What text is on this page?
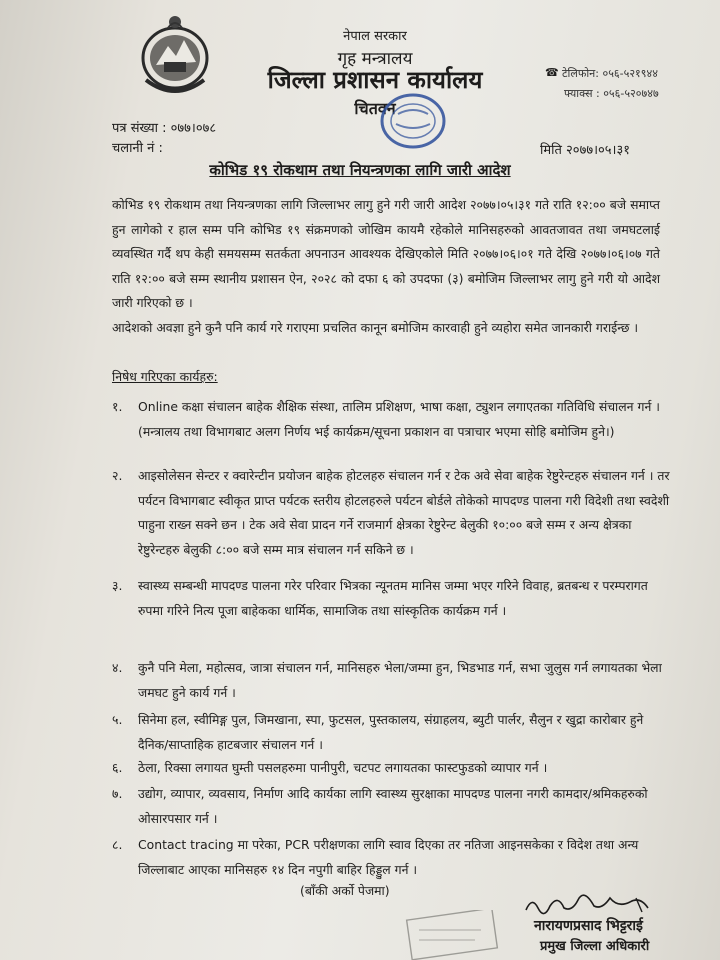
नेपाल सरकार
गृह मन्त्रालय
जिल्ला प्रशासन कार्यालय
चितवन
☎ टेलिफोन: ०५६-५२१९४४
फ्याक्स : ०५६-५२०७४७
पत्र संख्या : ०७७।०७८
चलानी नं :	मिति २०७७।०५।३१
कोभिड १९ रोकथाम तथा नियन्त्रणका लागि जारी आदेश
कोभिड १९ रोकथाम तथा नियन्त्रणका लागि जिल्लाभर लागु हुने गरी जारी आदेश २०७७।०५।३१ गते राति १२:०० बजे समाप्त हुन लागेको र हाल सम्म पनि कोभिड १९ संक्रमणको जोखिम कायमै रहेकोले मानिसहरुको आवतजावत तथा जमघटलाई व्यवस्थित गर्दै थप केही समयसम्म सतर्कता अपनाउन आवश्यक देखिएकोले मिति २०७७।०६।०१ गते देखि २०७७।०६।०७ गते राति १२:०० बजे सम्म स्थानीय प्रशासन ऐन, २०२८ को दफा ६ को उपदफा (३) बमोजिम जिल्लाभर लागु हुने गरी यो आदेश जारी गरिएको छ ।
आदेशको अवज्ञा हुने कुनै पनि कार्य गरे गराएमा प्रचलित कानून बमोजिम कारवाही हुने व्यहोरा समेत जानकारी गराईन्छ ।
निषेध गरिएका कार्यहरु:
१.	Online कक्षा संचालन बाहेक शैक्षिक संस्था, तालिम प्रशिक्षण, भाषा कक्षा, ट्युशन लगाएतका गतिविधि संचालन गर्न । (मन्त्रालय तथा विभागबाट अलग निर्णय भई कार्यक्रम/सूचना प्रकाशन वा पत्राचार भएमा सोहि बमोजिम हुने।)
२.	आइसोलेसन सेन्टर र क्वारेन्टीन प्रयोजन बाहेक होटलहरु संचालन गर्न र टेक अवे सेवा बाहेक रेष्टुरेन्टहरु संचालन गर्न । तर पर्यटन विभागबाट स्वीकृत प्राप्त पर्यटक स्तरीय होटलहरुले पर्यटन बोर्डले तोकेको मापदण्ड पालना गरी विदेशी तथा स्वदेशी पाहुना राख्न सक्ने छन । टेक अवे सेवा प्रादन गर्ने राजमार्ग क्षेत्रका रेष्टुरेन्ट बेलुकी १०:०० बजे सम्म र अन्य क्षेत्रका रेष्टुरेन्टहरु बेलुकी ८:०० बजे सम्म मात्र संचालन गर्न सकिने छ ।
३.	स्वास्थ्य सम्बन्धी मापदण्ड पालना गरेर परिवार भित्रका न्यूनतम मानिस जम्मा भएर गरिने विवाह, ब्रतबन्ध र परम्परागत रुपमा गरिने नित्य पूजा बाहेकका धार्मिक, सामाजिक तथा सांस्कृतिक कार्यक्रम गर्न ।
४.	कुनै पनि मेला, महोत्सव, जात्रा संचालन गर्न, मानिसहरु भेला/जम्मा हुन, भिडभाड गर्न, सभा जुलुस गर्न लगायतका भेला जमघट हुने कार्य गर्न ।
५.	सिनेमा हल, स्वीमिङ्ग पुल, जिमखाना, स्पा, फुटसल, पुस्तकालय, संग्राहलय, ब्युटी पार्लर, सैलुन र खुद्रा कारोबार हुने दैनिक/साप्ताहिक हाटबजार संचालन गर्न ।
६.	ठेला, रिक्सा लगायत घुम्ती पसलहरुमा पानीपुरी, चटपट लगायतका फास्टफुडको व्यापार गर्न ।
७.	उद्योग, व्यापार, व्यवसाय, निर्माण आदि कार्यका लागि स्वास्थ्य सुरक्षाका मापदण्ड पालना नगरी कामदार/श्रमिकहरुको ओसारपसार गर्न ।
८.	Contact tracing मा परेका, PCR परीक्षणका लागि स्वाव दिएका तर नतिजा आइनसकेका र विदेश तथा अन्य जिल्लाबाट आएका मानिसहरु १४ दिन नपुगी बाहिर हिड्डुल गर्न ।
(बाँकी अर्को पेजमा)
नारायणप्रसाद भिट्टराई
प्रमुख जिल्ला अधिकारी
